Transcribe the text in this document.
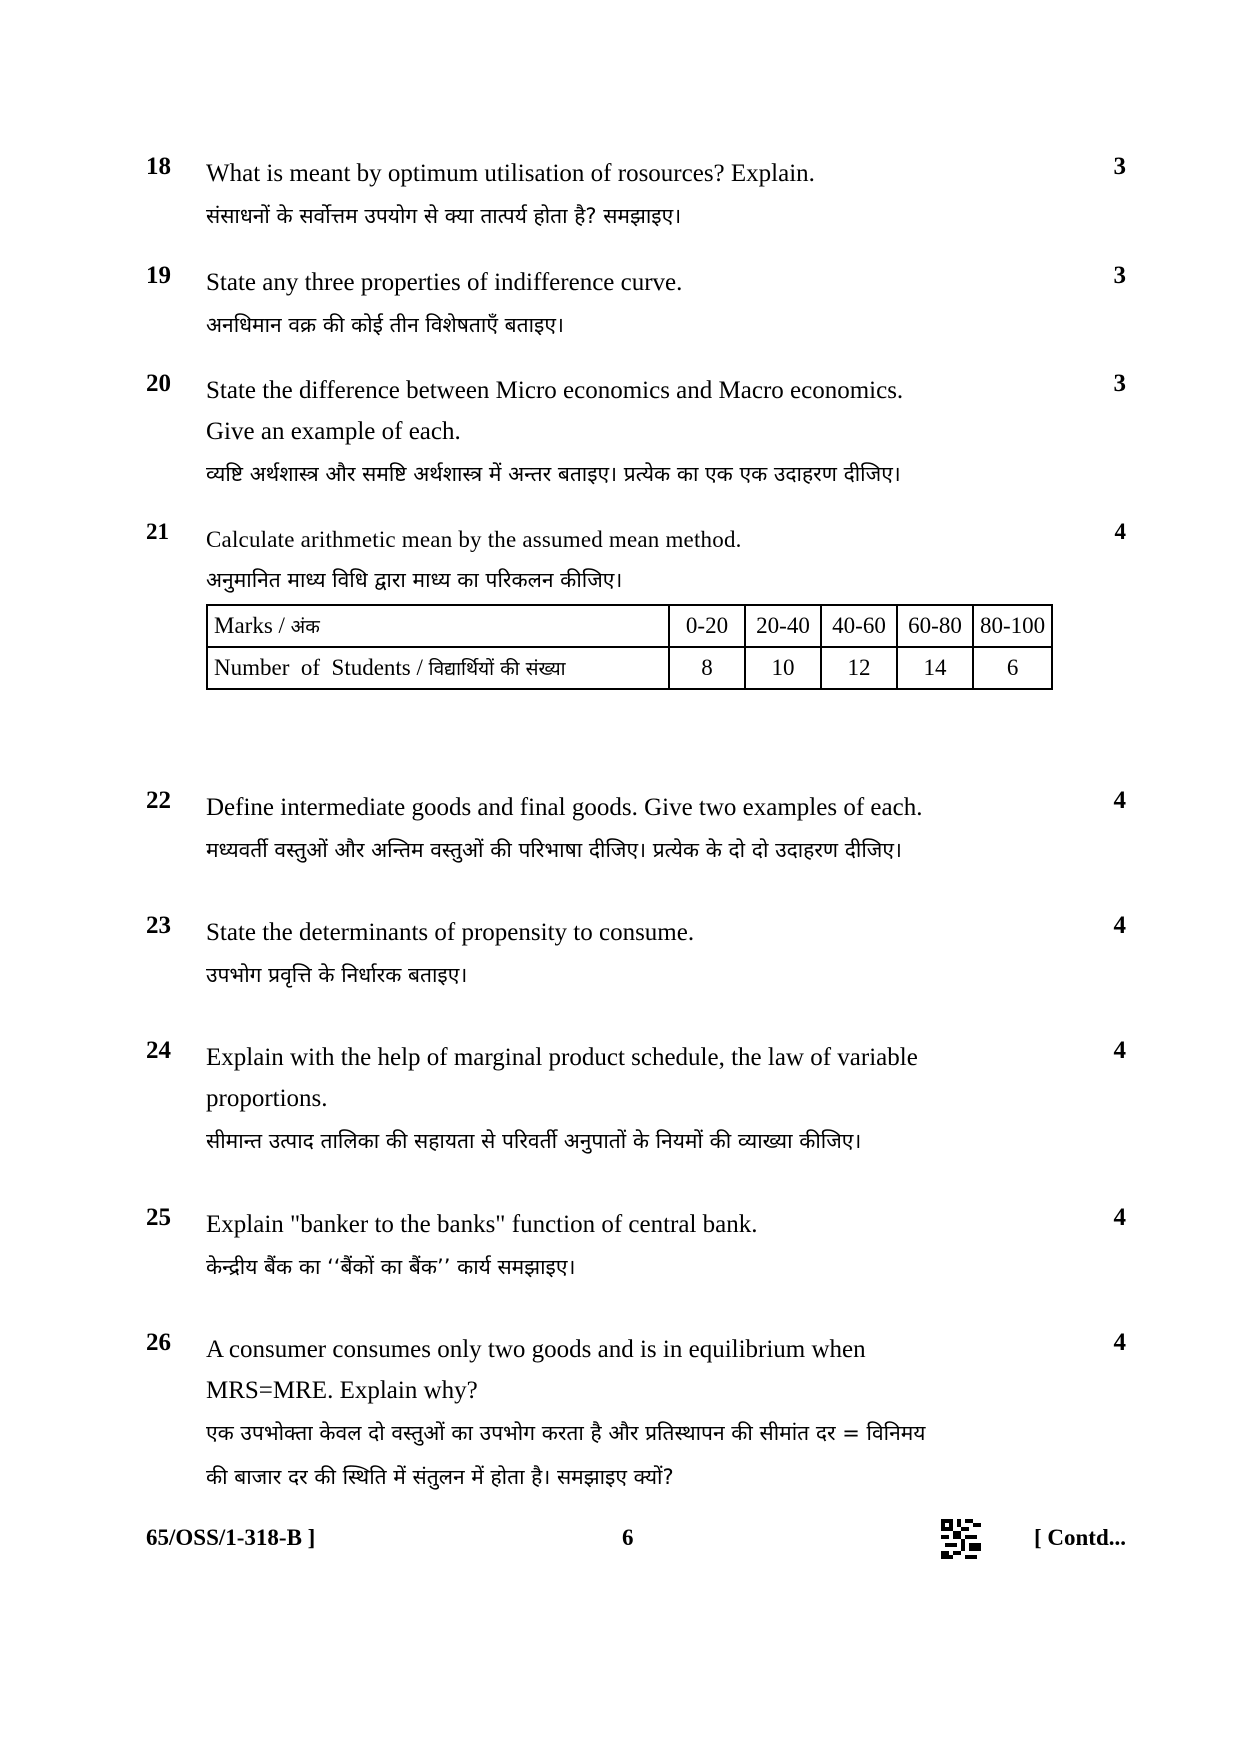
18 What is meant by optimum utilisation of rosources? Explain.
संसाधनों के सर्वोत्तम उपयोग से क्या तात्पर्य होता है? समझाइए।
3
19 State any three properties of indifference curve.
अनधिमान वक्र की कोई तीन विशेषताएँ बताइए।
3
20 State the difference between Micro economics and Macro economics.
Give an example of each.
व्यष्टि अर्थशास्त्र और समष्टि अर्थशास्त्र में अन्तर बताइए। प्रत्येक का एक एक उदाहरण दीजिए।
3
21 Calculate arithmetic mean by the assumed mean method.
अनुमानित माध्य विधि द्वारा माध्य का परिकलन कीजिए।
Marks / अंक	0-20	20-40	40-60	60-80	80-100
Number  of  Students / विद्यार्थियों की संख्या	8	10	12	14	6
4
22 Define intermediate goods and final goods. Give two examples of each.
मध्यवर्ती वस्तुओं और अन्तिम वस्तुओं की परिभाषा दीजिए। प्रत्येक के दो दो उदाहरण दीजिए।
4
23 State the determinants of propensity to consume.
उपभोग प्रवृत्ति के निर्धारक बताइए।
4
24 Explain with the help of marginal product schedule, the law of variable
proportions.
सीमान्त उत्पाद तालिका की सहायता से परिवर्ती अनुपातों के नियमों की व्याख्या कीजिए।
4
25 Explain "banker to the banks" function of central bank.
केन्द्रीय बैंक का ‘‘बैंकों का बैंक’’ कार्य समझाइए।
4
26 A consumer consumes only two goods and is in equilibrium when
MRS=MRE. Explain why?
एक उपभोक्ता केवल दो वस्तुओं का उपभोग करता है और प्रतिस्थापन की सीमांत दर = विनिमय
की बाजार दर की स्थिति में संतुलन में होता है। समझाइए क्यों?
4
65/OSS/1-318-B ]	6	[ Contd...
